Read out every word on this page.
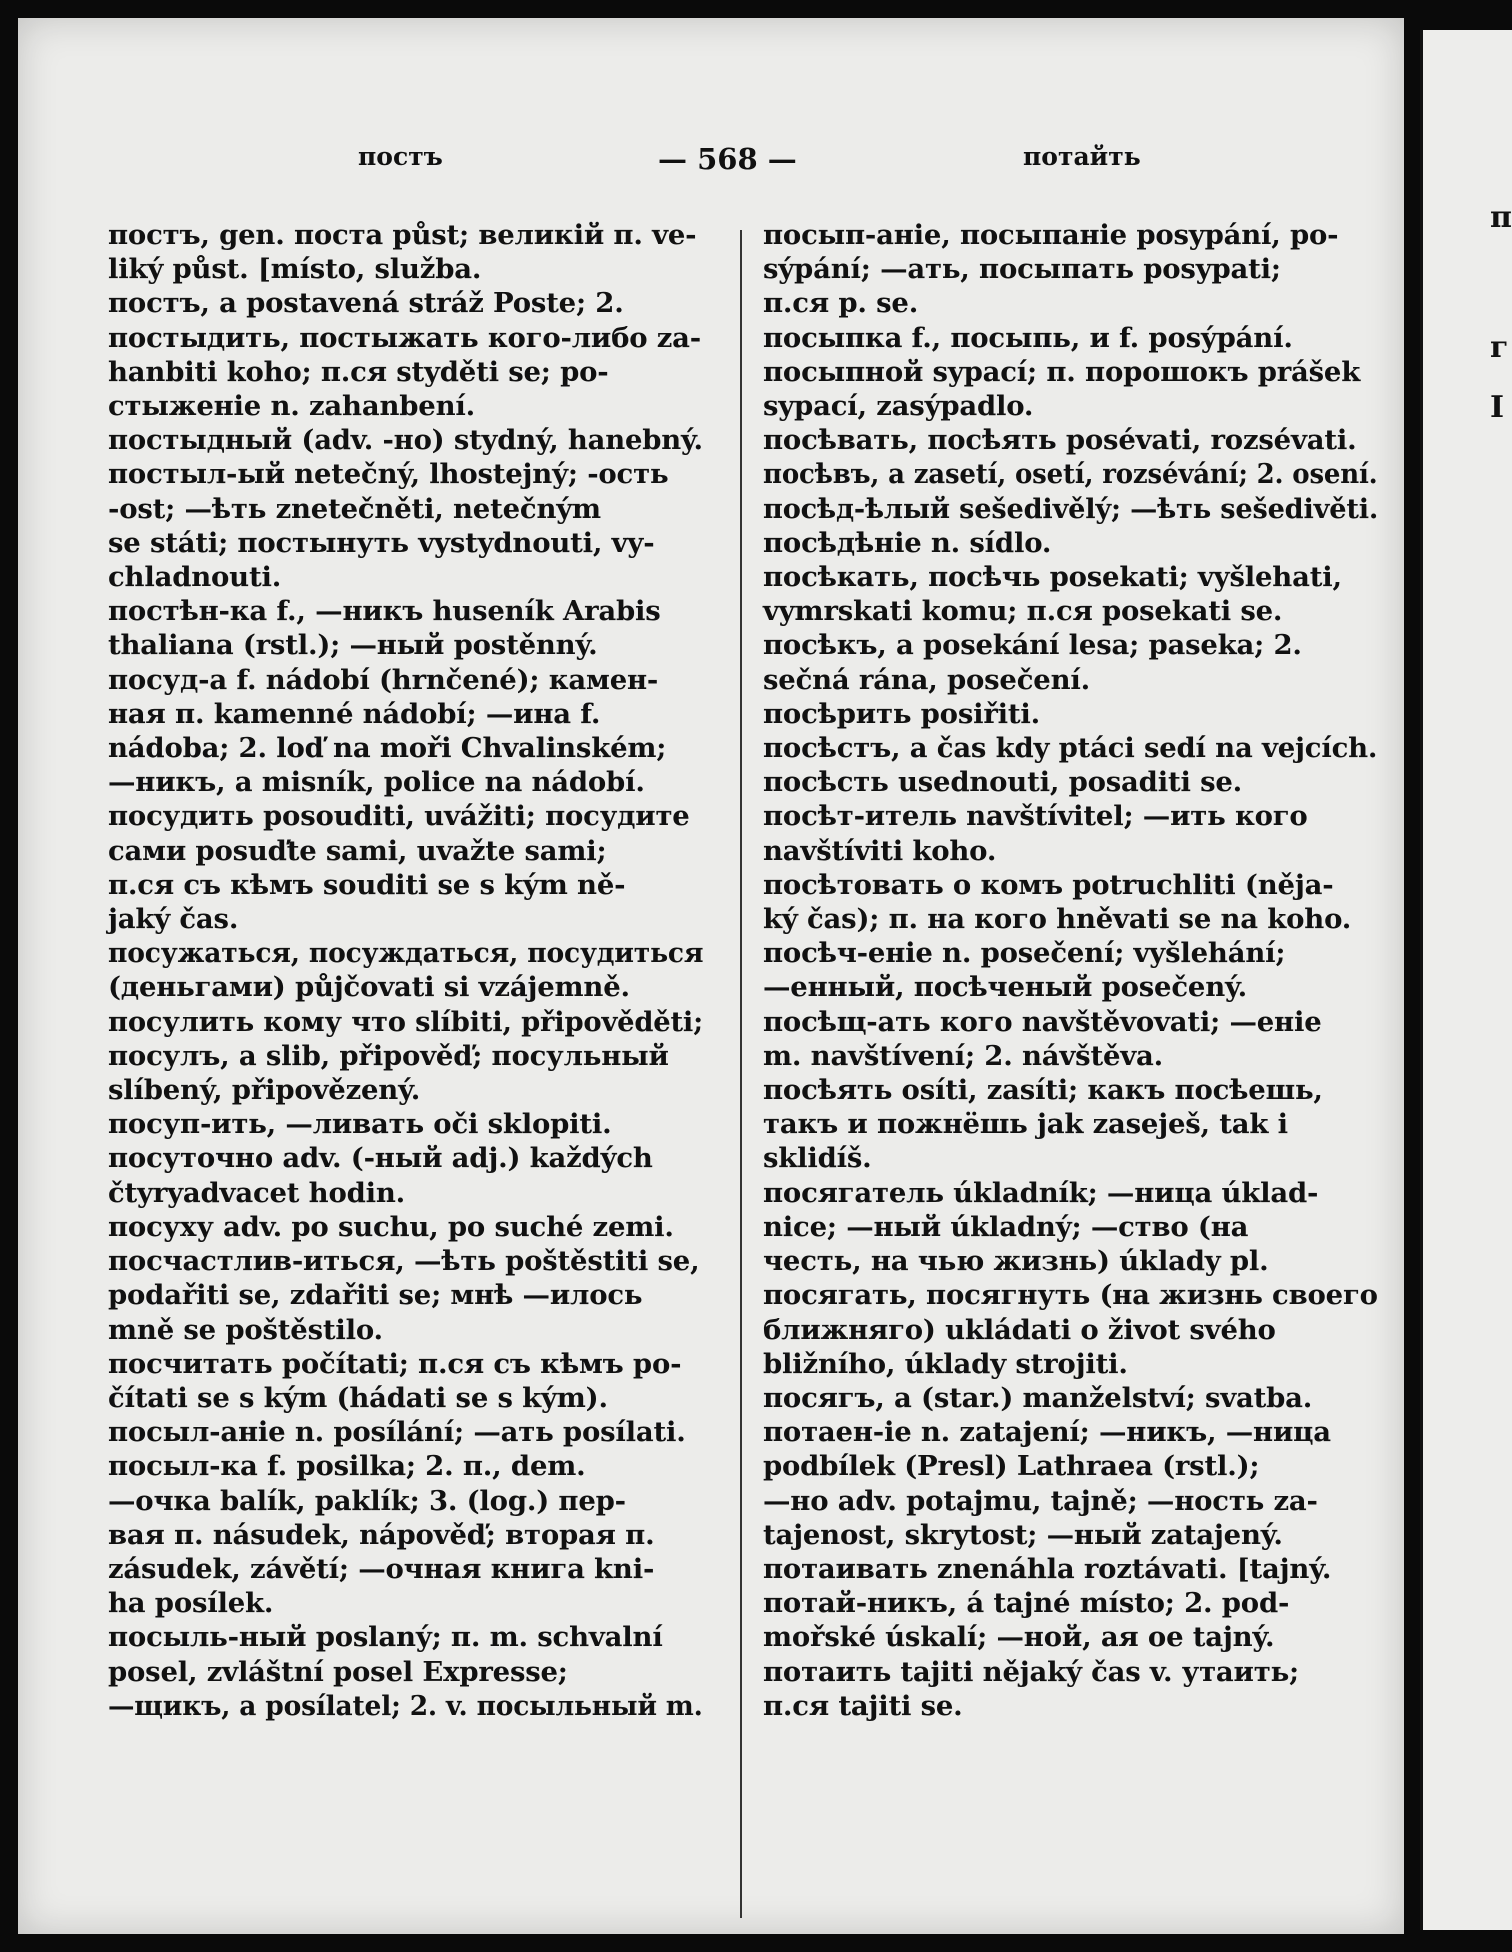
постъ	— 568 —	потайть
постъ, gen. поста půst; великій п. ve-
liký půst. [místo, služba.
постъ, a postavená stráž Poste; 2.
постыдить, постыжать кого-либо za-
hanbiti koho; п.ся styděti se; po-
стыженіе n. zahanbení.
постыдный (adv. -но) stydný, hanebný.
постыл-ый netečný, lhostejný; -ость
-ost; —ѣть znetečněti, netečným
se státi; постынуть vystydnouti, vy-
chladnouti.
постѣн-ка f., —никъ huseník Arabis
thaliana (rstl.); —ный postěnný.
посуд-а f. nádobí (hrnčené); камен-
ная п. kamenné nádobí; —ина f.
nádoba; 2. loď na moři Chvalinském;
—никъ, a misník, police na nádobí.
посудить posouditi, uvážiti; посудите
сами posuďte sami, uvažte sami;
п.ся съ кѣмъ souditi se s kým ně-
jaký čas.
посужаться, посуждаться, посудиться
(деньгами) půjčovati si vzájemně.
посулить кому что slíbiti, připověděti;
посулъ, a slib, připověď; посульный
slíbený, připovězený.
посуп-ить, —ливать oči sklopiti.
посуточно adv. (-ный adj.) každých
čtyryadvacet hodin.
посуху adv. po suchu, po suché zemi.
посчастлив-иться, —ѣть poštěstiti se,
podařiti se, zdařiti se; мнѣ —илось
mně se poštěstilo.
посчитать počítati; п.ся съ кѣмъ po-
čítati se s kým (hádati se s kým).
посыл-аніе n. posílání; —ать posílati.
посыл-ка f. posilka; 2. п., dem.
—очка balík, paklík; 3. (log.) пер-
вая п. násudek, nápověď; вторая п.
zásudek, závětí; —очная книга kni-
ha posílek.
посыль-ный poslaný; п. m. schvalní
posel, zvláštní posel Expresse;
—щикъ, a posílatel; 2. v. посыльный m.
посып-аніе, посыпаніе posypání, po-
sýpání; —ать, посыпать posypati;
п.ся p. se.
посыпка f., посыпь, и f. posýpání.
посыпной sypací; п. порошокъ prášek
sypací, zasýpadlo.
посѣвать, посѣять posévati, rozsévati.
посѣвъ, a zasetí, osetí, rozsévání; 2. osení.
посѣд-ѣлый sešedivělý; —ѣть sešedivěti.
посѣдѣніе n. sídlo.
посѣкать, посѣчь posekati; vyšlehati,
vymrskati komu; п.ся posekati se.
посѣкъ, a posekání lesa; paseka; 2.
sečná rána, posečení.
посѣрить posiřiti.
посѣстъ, a čas kdy ptáci sedí na vejcích.
посѣсть usednouti, posaditi se.
посѣт-итель navštívitel; —ить кого
navštíviti koho.
посѣтовать о комъ potruchliti (něja-
ký čas); п. на кого hněvati se na koho.
посѣч-еніе n. posečení; vyšlehání;
—енный, посѣченый posečený.
посѣщ-ать кого navštěvovati; —еніе
m. navštívení; 2. návštěva.
посѣять osíti, zasíti; какъ посѣешь,
такъ и пожнёшь jak zaseješ, tak i
sklidíš.
посягатель úkladník; —ница úklad-
nice; —ный úkladný; —ство (на
честь, на чью жизнь) úklady pl.
посягать, посягнуть (на жизнь своего
ближняго) ukládati o život svého
bližního, úklady strojiti.
посягъ, a (star.) manželství; svatba.
потаен-іе n. zatajení; —никъ, —ница
podbílek (Presl) Lathraea (rstl.);
—но adv. potajmu, tajně; —ность za-
tajenost, skrytost; —ный zatajený.
потаивать znenáhla roztávati. [tajný.
потай-никъ, á tajné místo; 2. pod-
mořské úskalí; —ной, ая ое tajný.
потаить tajiti nějaký čas v. утаить;
п.ся tajiti se.
п
г
I
